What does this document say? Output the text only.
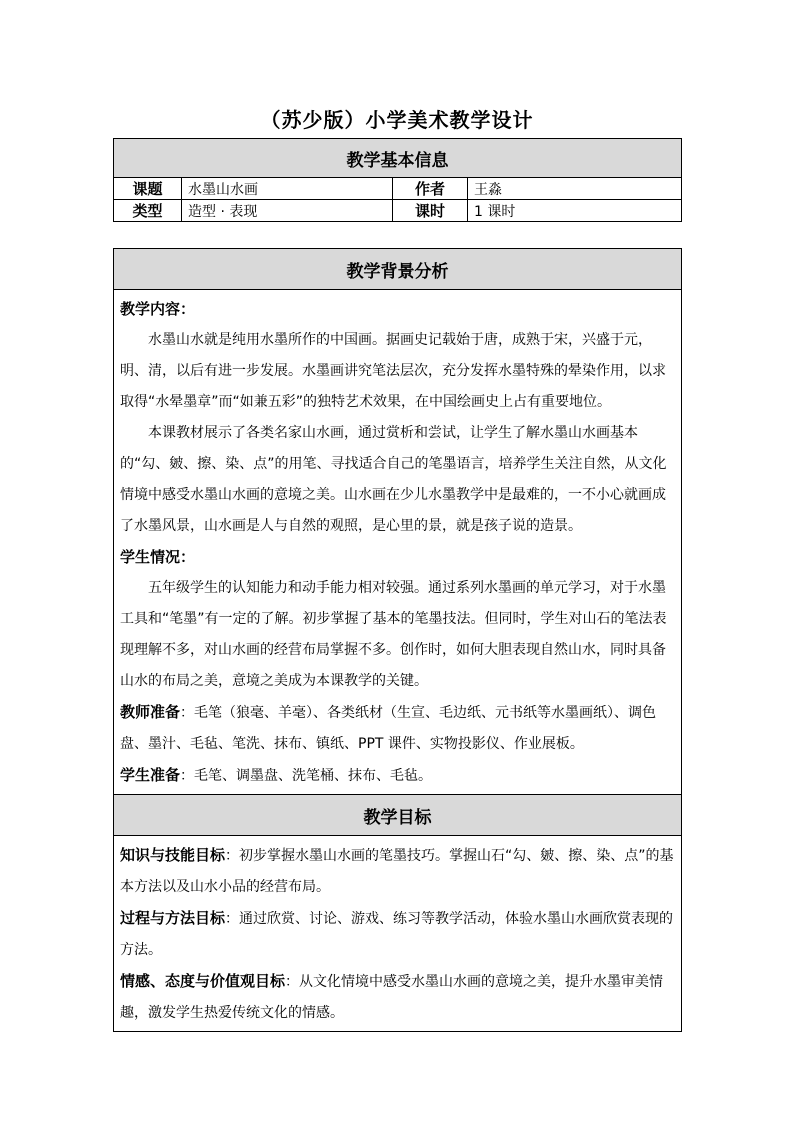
（苏少版）小学美术教学设计
教学基本信息			
课题	水墨山水画	作者	王淼
类型	造型 · 表现	课时	1 课时
教学背景分析

教学内容：

水墨山水就是纯用水墨所作的中国画。据画史记载始于唐，成熟于宋，兴盛于元，明、清，以后有进一步发展。水墨画讲究笔法层次，充分发挥水墨特殊的晕染作用，以求取得“水晕墨章”而“如兼五彩”的独特艺术效果，在中国绘画史上占有重要地位。

本课教材展示了各类名家山水画，通过赏析和尝试，让学生了解水墨山水画基本的“勾、皴、擦、染、点”的用笔、寻找适合自己的笔墨语言，培养学生关注自然，从文化情境中感受水墨山水画的意境之美。山水画在少儿水墨教学中是最难的，一不小心就画成了水墨风景，山水画是人与自然的观照，是心里的景，就是孩子说的造景。

学生情况：

五年级学生的认知能力和动手能力相对较强。通过系列水墨画的单元学习，对于水墨工具和“笔墨”有一定的了解。初步掌握了基本的笔墨技法。但同时，学生对山石的笔法表现理解不多，对山水画的经营布局掌握不多。创作时，如何大胆表现自然山水，同时具备山水的布局之美，意境之美成为本课教学的关键。

教师准备：毛笔（狼毫、羊毫）、各类纸材（生宣、毛边纸、元书纸等水墨画纸）、调色盘、墨汁、毛毡、笔洗、抹布、镇纸、PPT 课件、实物投影仪、作业展板。

学生准备：毛笔、调墨盘、洗笔桶、抹布、毛毡。

教学目标

知识与技能目标：初步掌握水墨山水画的笔墨技巧。掌握山石“勾、皴、擦、染、点”的基本方法以及山水小品的经营布局。

过程与方法目标：通过欣赏、讨论、游戏、练习等教学活动，体验水墨山水画欣赏表现的方法。

情感、态度与价值观目标：从文化情境中感受水墨山水画的意境之美，提升水墨审美情趣，激发学生热爱传统文化的情感。
